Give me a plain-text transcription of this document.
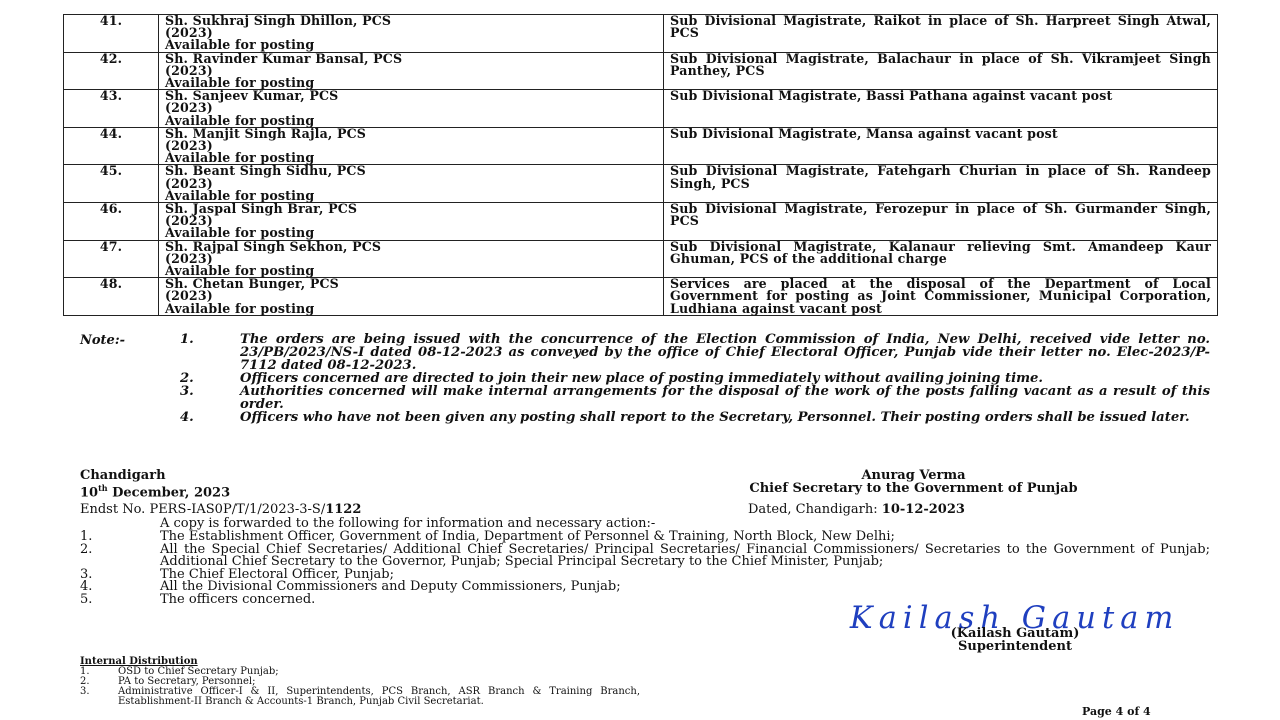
41.	Sh. Sukhraj Singh Dhillon, PCS
(2023)
Available for posting	Sub Divisional Magistrate, Raikot in place of Sh. Harpreet Singh Atwal, PCS
42.	Sh. Ravinder Kumar Bansal, PCS
(2023)
Available for posting	Sub Divisional Magistrate, Balachaur in place of Sh. Vikramjeet Singh Panthey, PCS
43.	Sh. Sanjeev Kumar, PCS
(2023)
Available for posting	Sub Divisional Magistrate, Bassi Pathana against vacant post
44.	Sh. Manjit Singh Rajla, PCS
(2023)
Available for posting	Sub Divisional Magistrate, Mansa against vacant post
45.	Sh. Beant Singh Sidhu, PCS
(2023)
Available for posting	Sub Divisional Magistrate, Fatehgarh Churian in place of Sh. Randeep Singh, PCS
46.	Sh. Jaspal Singh Brar, PCS
(2023)
Available for posting	Sub Divisional Magistrate, Ferozepur in place of Sh. Gurmander Singh, PCS
47.	Sh. Rajpal Singh Sekhon, PCS
(2023)
Available for posting	Sub Divisional Magistrate, Kalanaur relieving Smt. Amandeep Kaur Ghuman, PCS of the additional charge
48.	Sh. Chetan Bunger, PCS
(2023)
Available for posting	Services are placed at the disposal of the Department of Local Government for posting as Joint Commissioner, Municipal Corporation, Ludhiana against vacant post
Note:-	1.	The orders are being issued with the concurrence of the Election Commission of India, New Delhi, received vide letter no. 23/PB/2023/NS-I dated 08-12-2023 as conveyed by the office of Chief Electoral Officer, Punjab vide their letter no. Elec-2023/P-7112 dated 08-12-2023.
2.	Officers concerned are directed to join their new place of posting immediately without availing joining time.
3.	Authorities concerned will make internal arrangements for the disposal of the work of the posts falling vacant as a result of this order.
4.	Officers who have not been given any posting shall report to the Secretary, Personnel. Their posting orders shall be issued later.
Chandigarh
10th December, 2023
Anurag Verma
Chief Secretary to the Government of Punjab
Endst No. PERS-IAS0P/T/1/2023-3-S/1122	Dated, Chandigarh: 10-12-2023
A copy is forwarded to the following for information and necessary action:-
1.	The Establishment Officer, Government of India, Department of Personnel & Training, North Block, New Delhi;
2.	All the Special Chief Secretaries/ Additional Chief Secretaries/ Principal Secretaries/ Financial Commissioners/ Secretaries to the Government of Punjab; Additional Chief Secretary to the Governor, Punjab; Special Principal Secretary to the Chief Minister, Punjab;
3.	The Chief Electoral Officer, Punjab;
4.	All the Divisional Commissioners and Deputy Commissioners, Punjab;
5.	The officers concerned.
Kailash Gautam
(Kailash Gautam)
Superintendent
Internal Distribution
1.	OSD to Chief Secretary Punjab;
2.	PA to Secretary, Personnel;
3.	Administrative Officer-I & II, Superintendents, PCS Branch, ASR Branch & Training Branch, Establishment-II Branch & Accounts-1 Branch, Punjab Civil Secretariat.
Page 4 of 4
